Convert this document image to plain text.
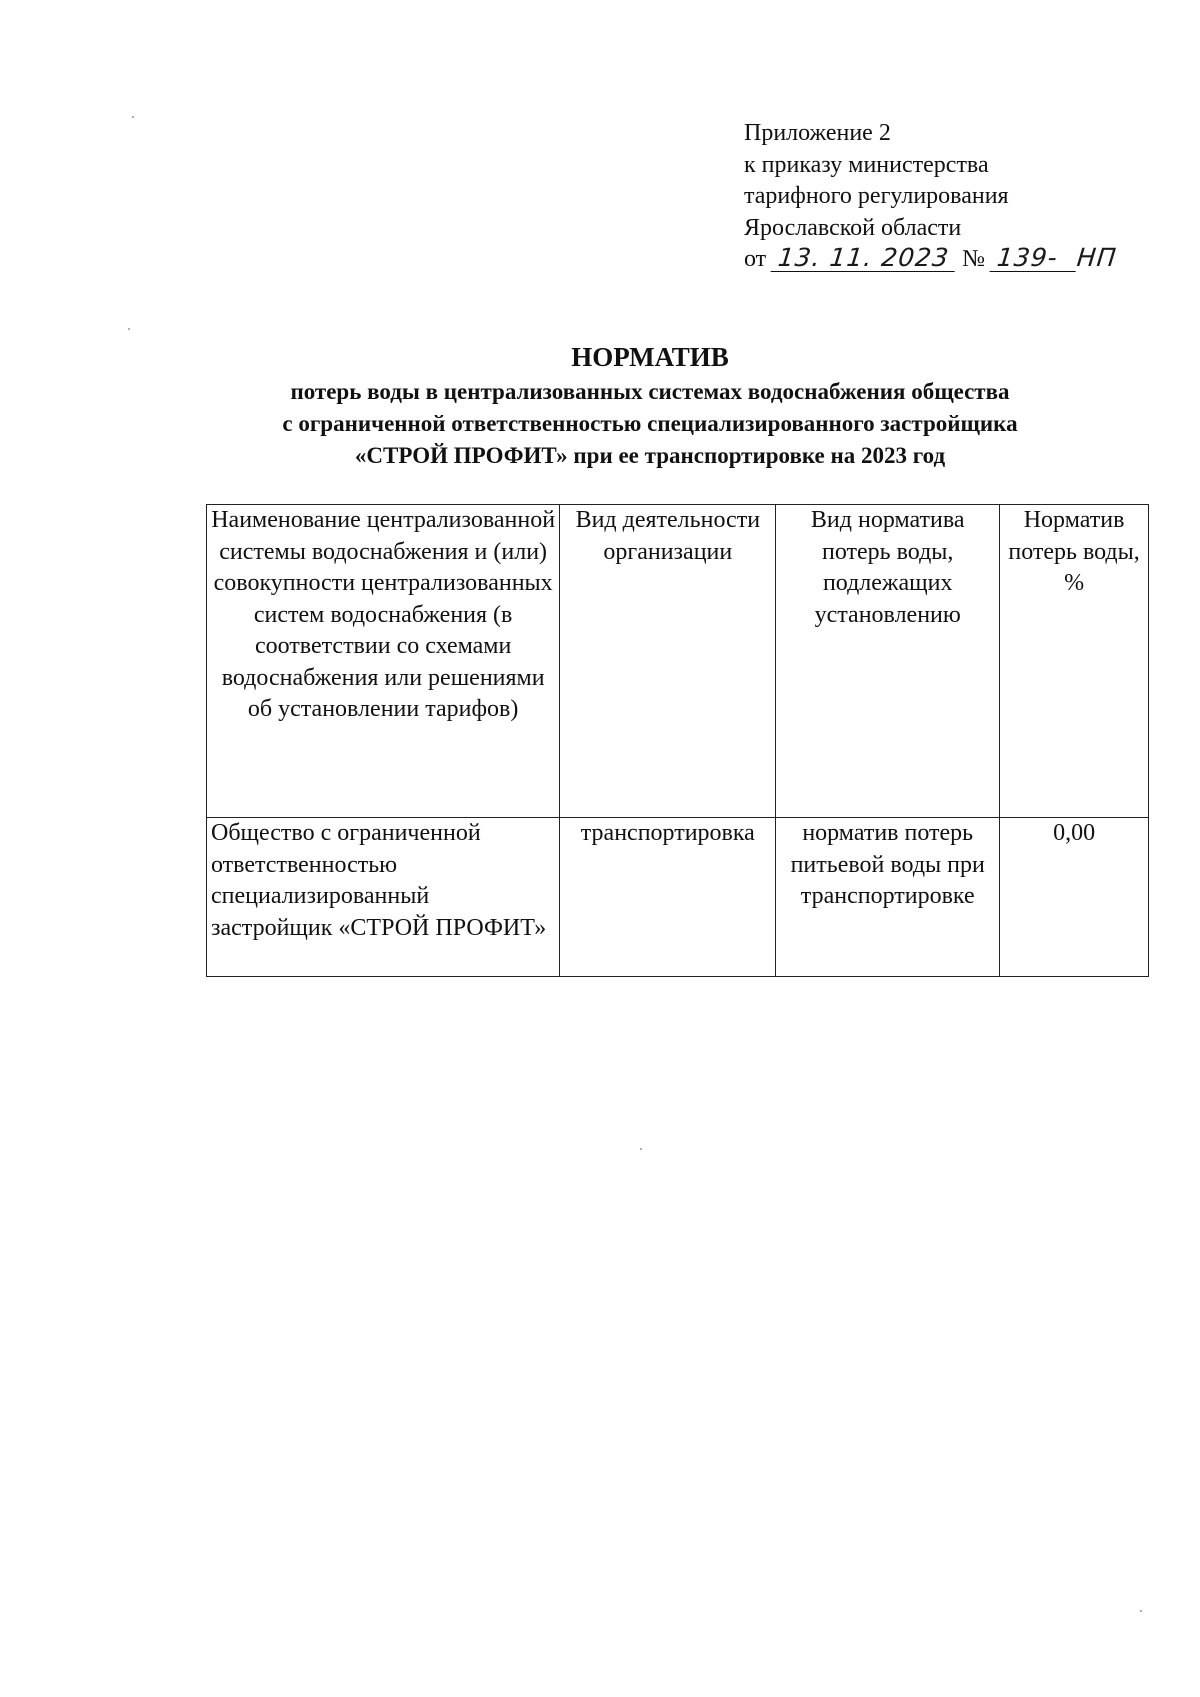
Приложение 2
к приказу министерства
тарифного регулирования
Ярославской области
от 13. 11. 2023 № 139- НП
НОРМАТИВ
потерь воды в централизованных системах водоснабжения общества
с ограниченной ответственностью специализированного застройщика
«СТРОЙ ПРОФИТ» при ее транспортировке на 2023 год
Наименование централизованной системы водоснабжения и (или) совокупности централизованных систем водоснабжения (в соответствии со схемами водоснабжения или решениями об установлении тарифов)	Вид деятельности организации	Вид норматива потерь воды, подлежащих установлению	Норматив потерь воды, %
Общество с ограниченной ответственностью специализированный застройщик «СТРОЙ ПРОФИТ»	транспортировка	норматив потерь питьевой воды при транспортировке	0,00
